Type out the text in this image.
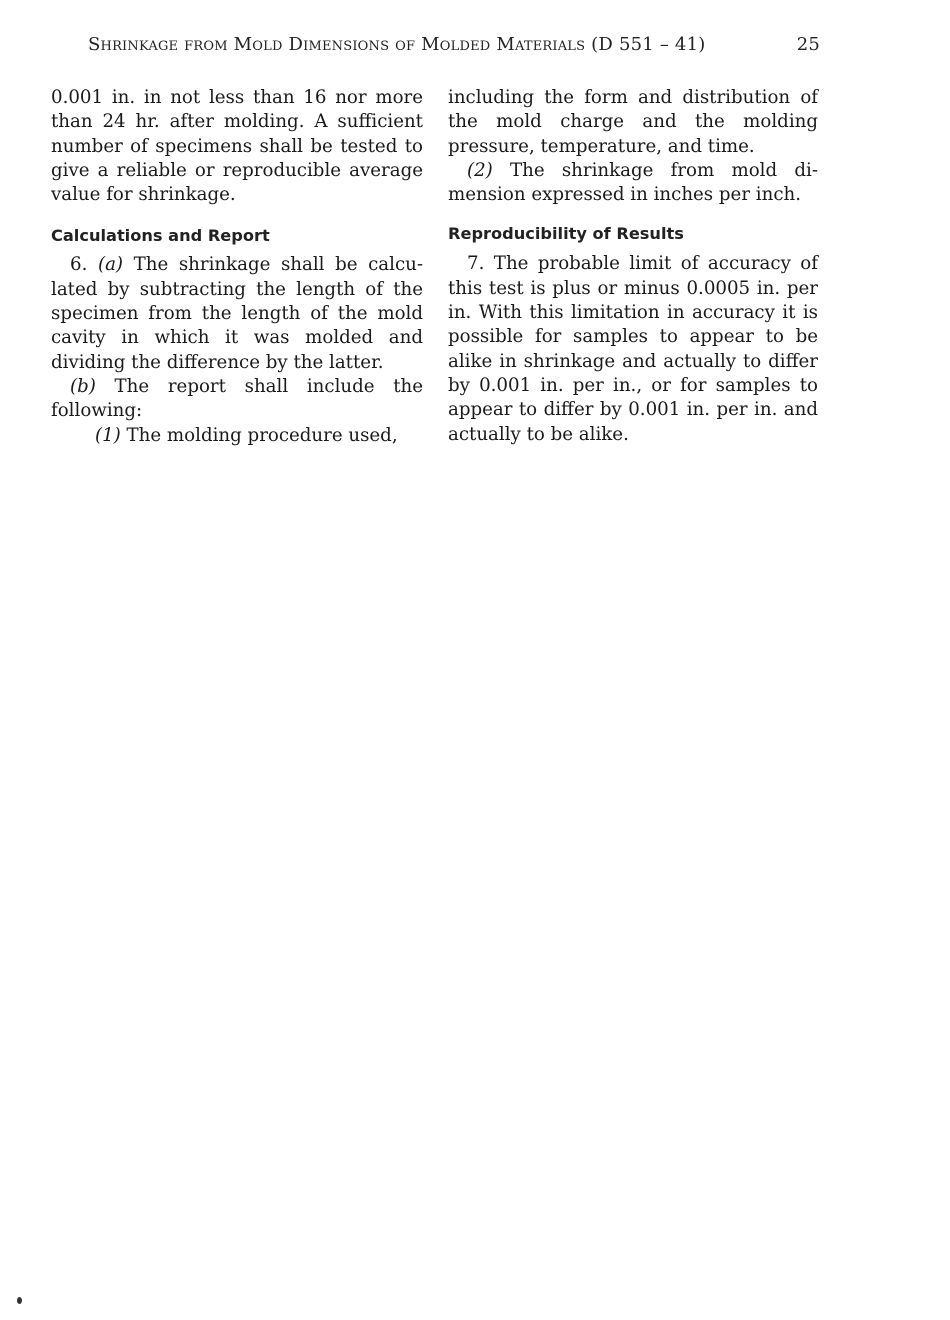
Shrinkage from Mold Dimensions of Molded Materials (D 551 – 41)	25

0.001 in. in not less than 16 nor more than 24 hr. after molding. A sufficient number of specimens shall be tested to give a reliable or reproducible average value for shrinkage.

Calculations and Report

6. (a) The shrinkage shall be calculated by subtracting the length of the specimen from the length of the mold cavity in which it was molded and dividing the difference by the latter.

(b) The report shall include the following:

(1) The molding procedure used,

including the form and distribution of the mold charge and the molding pressure, temperature, and time.

(2) The shrinkage from mold dimension expressed in inches per inch.

Reproducibility of Results

7. The probable limit of accuracy of this test is plus or minus 0.0005 in. per in. With this limitation in accuracy it is possible for samples to appear to be alike in shrinkage and actually to differ by 0.001 in. per in., or for samples to appear to differ by 0.001 in. per in. and actually to be alike.
